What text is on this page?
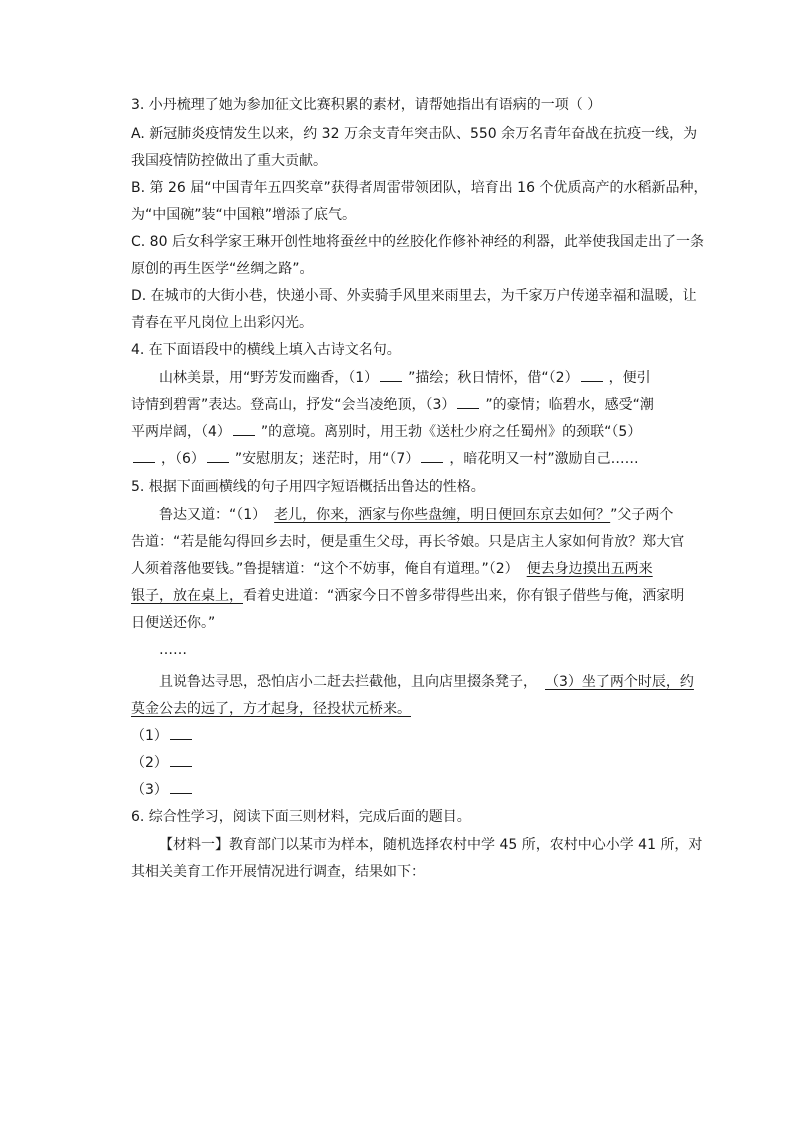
3. 小丹梳理了她为参加征文比赛积累的素材，请帮她指出有语病的一项（ ）
A. 新冠肺炎疫情发生以来，约 32 万余支青年突击队、550 余万名青年奋战在抗疫一线，为
我国疫情防控做出了重大贡献。
B. 第 26 届“中国青年五四奖章”获得者周雷带领团队，培育出 16 个优质高产的水稻新品种，
为“中国碗”装“中国粮”增添了底气。
C. 80 后女科学家王琳开创性地将蚕丝中的丝胶化作修补神经的利器，此举使我国走出了一条
原创的再生医学“丝绸之路”。
D. 在城市的大街小巷，快递小哥、外卖骑手风里来雨里去，为千家万户传递幸福和温暖，让
青春在平凡岗位上出彩闪光。
4. 在下面语段中的横线上填入古诗文名句。
山林美景，用“野芳发而幽香，（1） ”描绘；秋日情怀，借“（2） ，便引
诗情到碧霄”表达。登高山，抒发“会当凌绝顶，（3） ”的豪情；临碧水，感受“潮
平两岸阔，（4） ”的意境。离别时，用王勃《送杜少府之任蜀州》的颈联“（5）
，（6） ”安慰朋友；迷茫时，用“（7） ，暗花明又一村”激励自己……
5. 根据下面画横线的句子用四字短语概括出鲁达的性格。
鲁达又道：“（1） 老儿，你来，洒家与你些盘缠，明日便回东京去如何？”父子两个
告道：“若是能勾得回乡去时，便是重生父母，再长爷娘。只是店主人家如何肯放？郑大官
人须着落他要钱。”鲁提辖道：“这个不妨事，俺自有道理。”（2） 便去身边摸出五两来
银子，放在桌上，看着史进道：“洒家今日不曾多带得些出来，你有银子借些与俺，洒家明
日便送还你。”
……
且说鲁达寻思，恐怕店小二赶去拦截他，且向店里掇条凳子， （3）坐了两个时辰，约
莫金公去的远了，方才起身，径投状元桥来。
（1）
（2）
（3）
6. 综合性学习，阅读下面三则材料，完成后面的题目。
【材料一】教育部门以某市为样本，随机选择农村中学 45 所，农村中心小学 41 所，对
其相关美育工作开展情况进行调查，结果如下：
